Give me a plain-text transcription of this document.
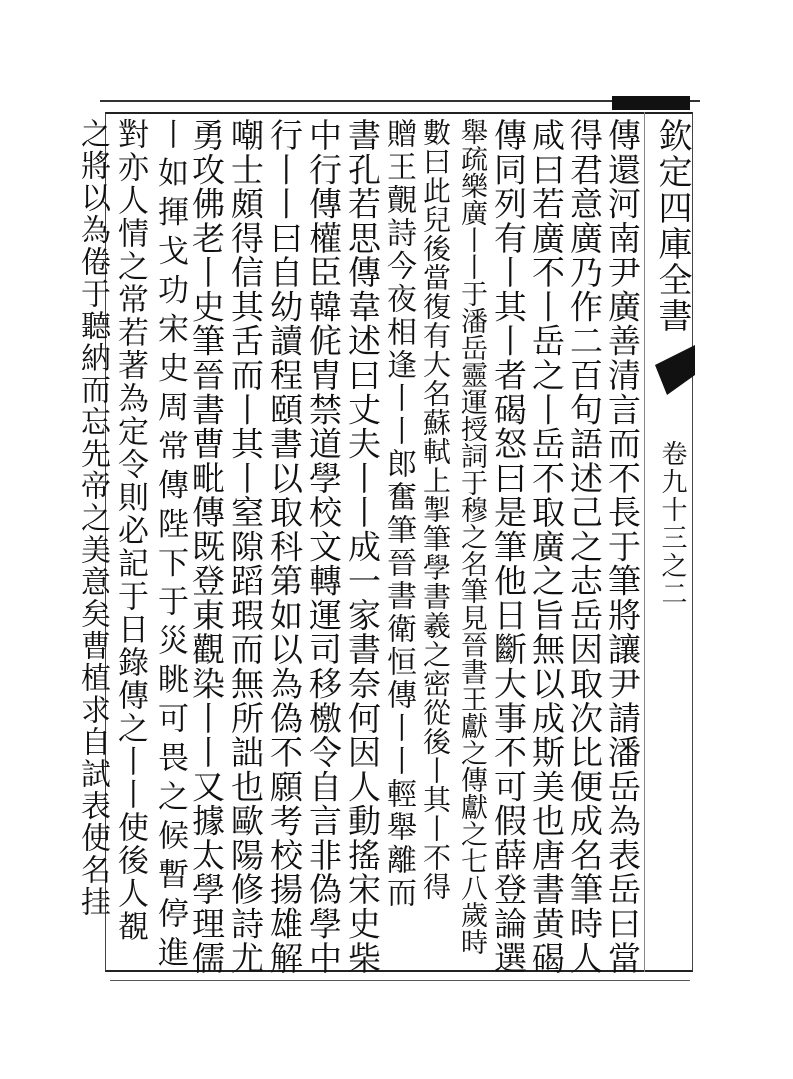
欽定四庫全書
卷九十三之二
傳還河南尹廣善清言而不長于筆將讓尹請潘岳為表岳曰當
得君意廣乃作二百句語述己之志岳因取次比便成名筆時人
咸曰若廣不丨岳之丨岳不取廣之旨無以成斯美也唐書黄碣
傳同列有丨其丨者碣怒曰是筆他日斷大事不可假薛登論選
舉疏樂廣丨丨于潘岳靈運授詞于穆之名筆見晉書王獻之傳獻之七八歲時
數曰此兒後當復有大名蘇軾上掣筆學書羲之密從後丨其丨不得
贈王覿詩今夜相逢丨丨郎奮筆晉書衛恒傳丨丨輕舉離而
書孔若思傳韋述曰丈夫丨丨成一家書奈何因人動搖宋史柴
中行傳權臣韓侂胄禁道學校文轉運司移檄令自言非偽學中
行丨丨曰自幼讀程頤書以取科第如以為偽不願考校揚雄解
嘲士頗得信其舌而丨其丨窒隙蹈瑕而無所詘也歐陽修詩尤
勇攻佛老丨史筆晉書曹毗傳既登東觀染丨丨又據太學理儒
丨如揮戈功宋史周常傳陛下于災眺可畏之候暫停進
對亦人情之常若著為定令則必記于日錄傳之丨丨使後人覩
之將以為倦于聽納而忘先帝之美意矣曹植求自試表使名挂
